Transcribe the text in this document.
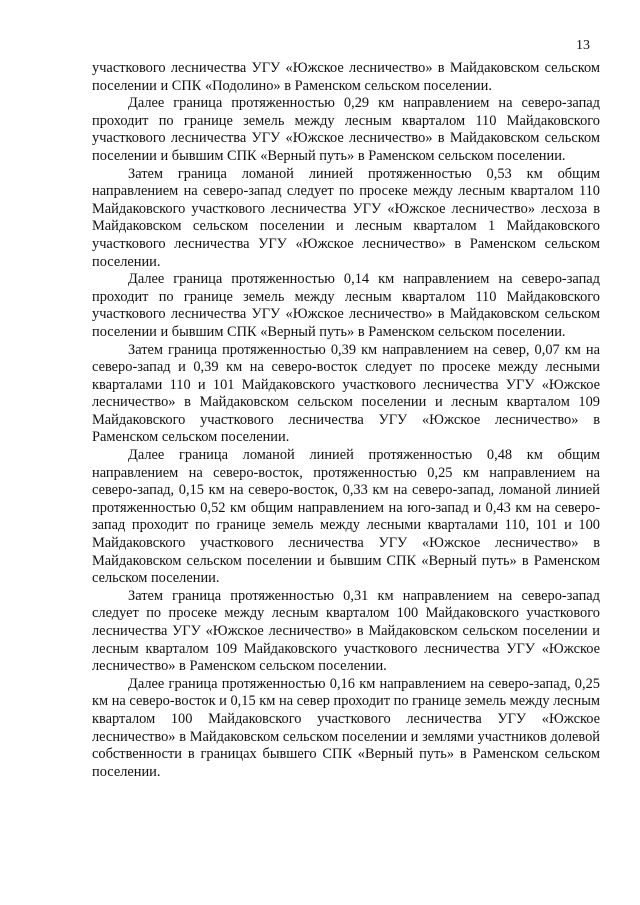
13

участкового лесничества УГУ «Южское лесничество» в Майдаковском сельском поселении и СПК «Подолино» в Раменском сельском поселении.

Далее граница протяженностью 0,29 км направлением на северо-запад проходит по границе земель между лесным кварталом 110 Майдаковского участкового лесничества УГУ «Южское лесничество» в Майдаковском сельском поселении и бывшим СПК «Верный путь» в Раменском сельском поселении.

Затем граница ломаной линией протяженностью 0,53 км общим направлением на северо-запад следует по просеке между лесным кварталом 110 Майдаковского участкового лесничества УГУ «Южское лесничество» лесхоза в Майдаковском сельском поселении и лесным кварталом 1 Майдаковского участкового лесничества УГУ «Южское лесничество» в Раменском сельском поселении.

Далее граница протяженностью 0,14 км направлением на северо-запад проходит по границе земель между лесным кварталом 110 Майдаковского участкового лесничества УГУ «Южское лесничество» в Майдаковском сельском поселении и бывшим СПК «Верный путь» в Раменском сельском поселении.

Затем граница протяженностью 0,39 км направлением на север, 0,07 км на северо-запад и 0,39 км на северо-восток следует по просеке между лесными кварталами 110 и 101 Майдаковского участкового лесничества УГУ «Южское лесничество» в Майдаковском сельском поселении и лесным кварталом 109 Майдаковского участкового лесничества УГУ «Южское лесничество» в Раменском сельском поселении.

Далее граница ломаной линией протяженностью 0,48 км общим направлением на северо-восток, протяженностью 0,25 км направлением на северо-запад, 0,15 км на северо-восток, 0,33 км на северо-запад, ломаной линией протяженностью 0,52 км общим направлением на юго-запад и 0,43 км на северо-запад проходит по границе земель между лесными кварталами 110, 101 и 100 Майдаковского участкового лесничества УГУ «Южское лесничество» в Майдаковском сельском поселении и бывшим СПК «Верный путь» в Раменском сельском поселении.

Затем граница протяженностью 0,31 км направлением на северо-запад следует по просеке между лесным кварталом 100 Майдаковского участкового лесничества УГУ «Южское лесничество» в Майдаковском сельском поселении и лесным кварталом 109 Майдаковского участкового лесничества УГУ «Южское лесничество» в Раменском сельском поселении.

Далее граница протяженностью 0,16 км направлением на северо-запад, 0,25 км на северо-восток и 0,15 км на север проходит по границе земель между лесным кварталом 100 Майдаковского участкового лесничества УГУ «Южское лесничество» в Майдаковском сельском поселении и землями участников долевой собственности в границах бывшего СПК «Верный путь» в Раменском сельском поселении.
